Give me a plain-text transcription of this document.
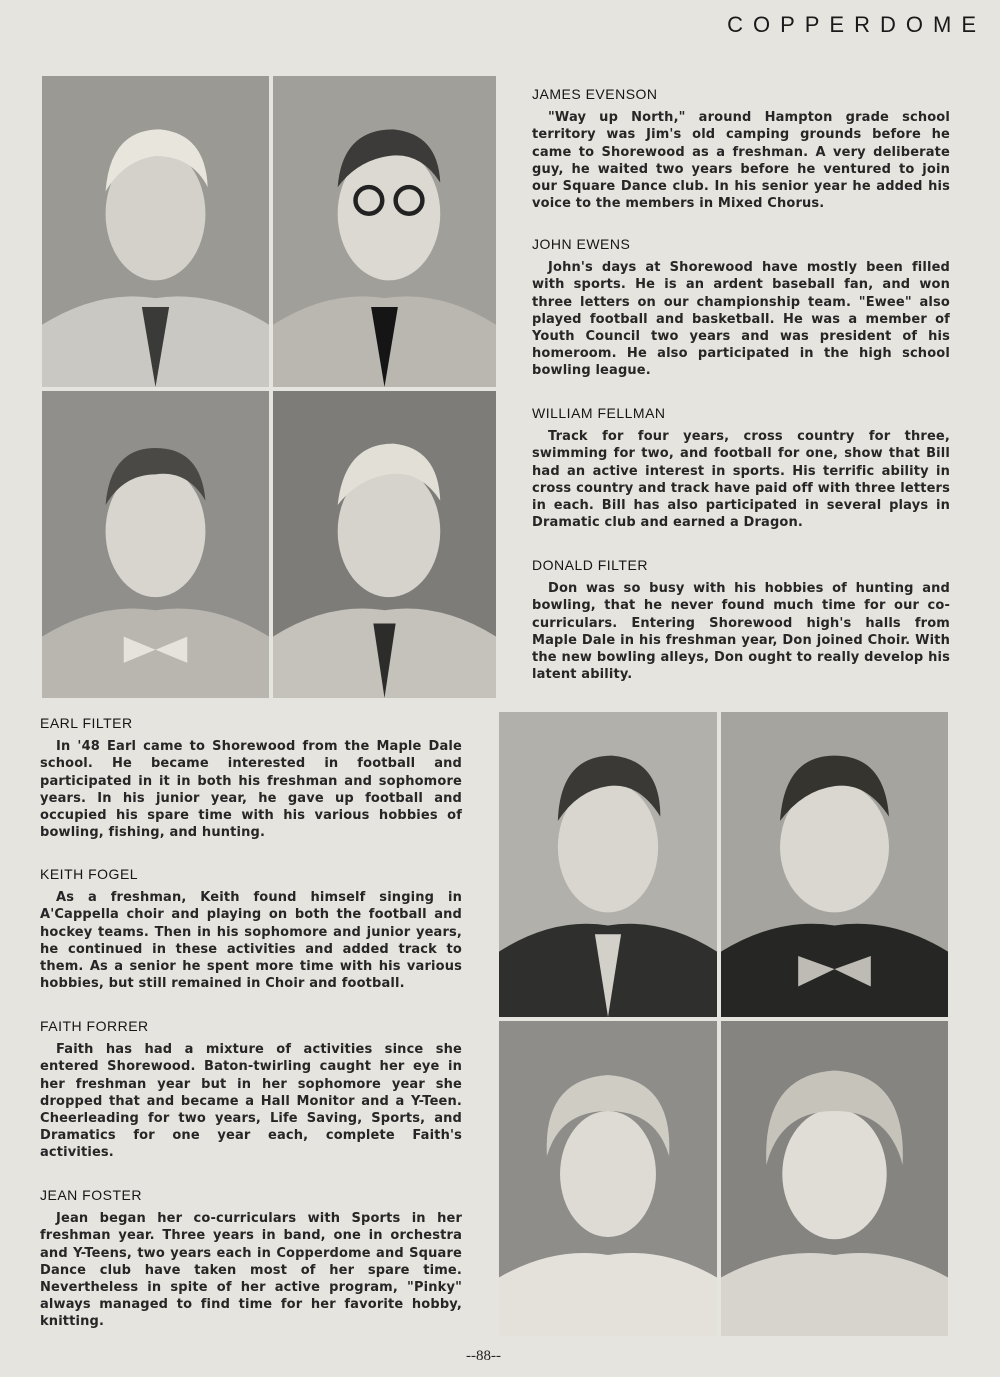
COPPERDOME
JAMES EVENSON

"Way up North," around Hampton grade school territory was Jim's old camping grounds before he came to Shorewood as a freshman. A very deliberate guy, he waited two years before he ventured to join our Square Dance club. In his senior year he added his voice to the members in Mixed Chorus.

JOHN EWENS

John's days at Shorewood have mostly been filled with sports. He is an ardent baseball fan, and won three letters on our championship team. "Ewee" also played football and basketball. He was a member of Youth Council two years and was president of his homeroom. He also participated in the high school bowling league.

WILLIAM FELLMAN

Track for four years, cross country for three, swimming for two, and football for one, show that Bill had an active interest in sports. His terrific ability in cross country and track have paid off with three letters in each. Bill has also participated in several plays in Dramatic club and earned a Dragon.

DONALD FILTER

Don was so busy with his hobbies of hunting and bowling, that he never found much time for our co-curriculars. Entering Shorewood high's halls from Maple Dale in his freshman year, Don joined Choir. With the new bowling alleys, Don ought to really develop his latent ability.

EARL FILTER

In '48 Earl came to Shorewood from the Maple Dale school. He became interested in football and participated in it in both his freshman and sophomore years. In his junior year, he gave up football and occupied his spare time with his various hobbies of bowling, fishing, and hunting.

KEITH FOGEL

As a freshman, Keith found himself singing in A'Cappella choir and playing on both the football and hockey teams. Then in his sophomore and junior years, he continued in these activities and added track to them. As a senior he spent more time with his various hobbies, but still remained in Choir and football.

FAITH FORRER

Faith has had a mixture of activities since she entered Shorewood. Baton-twirling caught her eye in her freshman year but in her sophomore year she dropped that and became a Hall Monitor and a Y-Teen. Cheerleading for two years, Life Saving, Sports, and Dramatics for one year each, complete Faith's activities.

JEAN FOSTER

Jean began her co-curriculars with Sports in her freshman year. Three years in band, one in orchestra and Y-Teens, two years each in Copperdome and Square Dance club have taken most of her spare time. Nevertheless in spite of her active program, "Pinky" always managed to find time for her favorite hobby, knitting.

--88--
